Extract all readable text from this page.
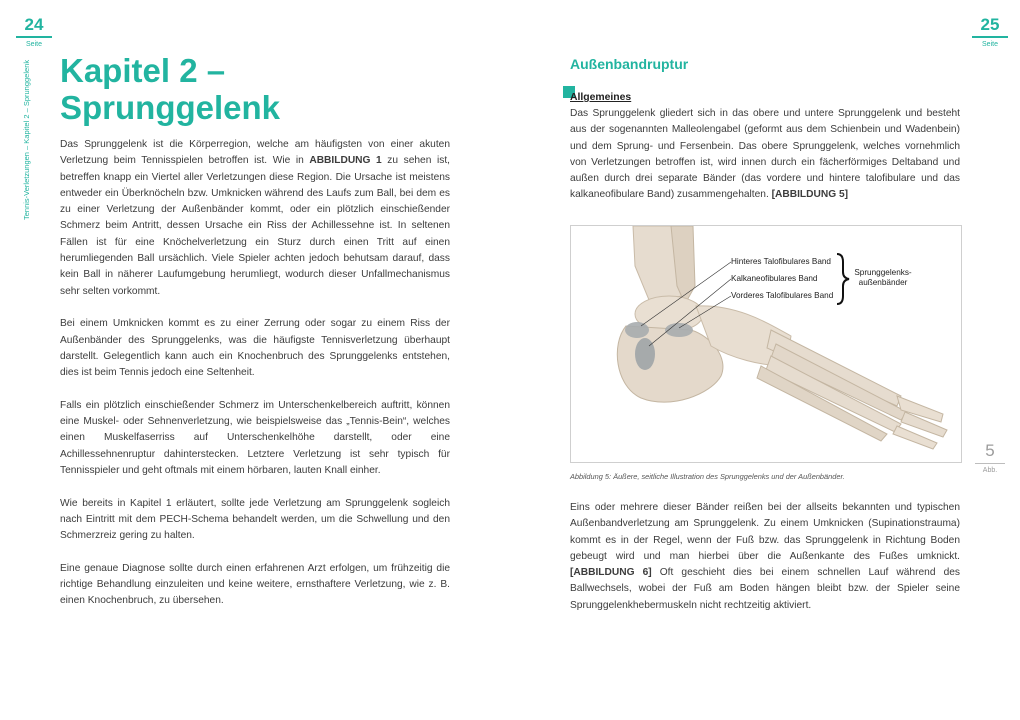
24
Seite
Tennis-Verletzungen – Kapitel 2 – Sprunggelenk Kapitel 2 –
Sprunggelenk

Das Sprunggelenk ist die Körperregion, welche am häufigsten von einer akuten Verletzung beim Tennisspielen betroffen ist. Wie in ABBILDUNG 1 zu sehen ist, betreffen knapp ein Viertel aller Verletzungen diese Region. Die Ursache ist meistens entweder ein Überknöcheln bzw. Umknicken während des Laufs zum Ball, bei dem es zu einer Verletzung der Außenbänder kommt, oder ein plötzlich einschießender Schmerz beim Antritt, dessen Ursache ein Riss der Achillessehne ist. In seltenen Fällen ist für eine Knöchelverletzung ein Sturz durch einen Tritt auf einen herumliegenden Ball ursächlich. Viele Spieler achten jedoch behutsam darauf, dass kein Ball in näherer Laufumgebung herumliegt, wodurch dieser Unfallmechanismus sehr selten vorkommt.

Bei einem Umknicken kommt es zu einer Zerrung oder sogar zu einem Riss der Außenbänder des Sprunggelenks, was die häufigste Tennisverletzung überhaupt darstellt. Gelegentlich kann auch ein Knochenbruch des Sprunggelenks entstehen, dies ist beim Tennis jedoch eine Seltenheit.

Falls ein plötzlich einschießender Schmerz im Unterschenkelbereich auftritt, können eine Muskel- oder Sehnenverletzung, wie beispielsweise das „Tennis-Bein“, welches einen Muskelfaserriss auf Unterschenkelhöhe darstellt, oder eine Achillessehnenruptur dahinterstecken. Letztere Verletzung ist sehr typisch für Tennisspieler und geht oftmals mit einem hörbaren, lauten Knall einher.

Wie bereits in Kapitel 1 erläutert, sollte jede Verletzung am Sprunggelenk sogleich nach Eintritt mit dem PECH-Schema behandelt werden, um die Schwellung und den Schmerzreiz gering zu halten.

Eine genaue Diagnose sollte durch einen erfahrenen Arzt erfolgen, um frühzeitig die richtige Behandlung einzuleiten und keine weitere, ernsthaftere Verletzung, wie z. B. einen Knochenbruch, zu übersehen.

25
Seite
Außenbandruptur
Allgemeines

Das Sprunggelenk gliedert sich in das obere und untere Sprunggelenk und besteht aus der sogenannten Malleolengabel (geformt aus dem Schienbein und Wadenbein) und dem Sprung- und Fersenbein. Das obere Sprunggelenk, welches vornehmlich von Verletzungen betroffen ist, wird innen durch ein fächerförmiges Deltaband und außen durch drei separate Bänder (das vordere und hintere talofibulare und das kalkaneofibulare Band) zusammengehalten. [ABBILDUNG 5]

Hinteres Talofibulares Band
Kalkaneofibulares Band
Vorderes Talofibulares Band
Sprunggelenks-
außenbänder
Abbildung 5: Äußere, seitliche Illustration des Sprunggelenks und der Außenbänder.
5
Abb.

Eins oder mehrere dieser Bänder reißen bei der allseits bekannten und typischen Außenbandverletzung am Sprunggelenk. Zu einem Umknicken (Supinationstrauma) kommt es in der Regel, wenn der Fuß bzw. das Sprunggelenk in Richtung Boden gebeugt wird und man hierbei über die Außenkante des Fußes umknickt. [ABBILDUNG 6] Oft geschieht dies bei einem schnellen Lauf während des Ballwechsels, wobei der Fuß am Boden hängen bleibt bzw. der Spieler seine Sprunggelenkhebermuskeln nicht rechtzeitig aktiviert.
